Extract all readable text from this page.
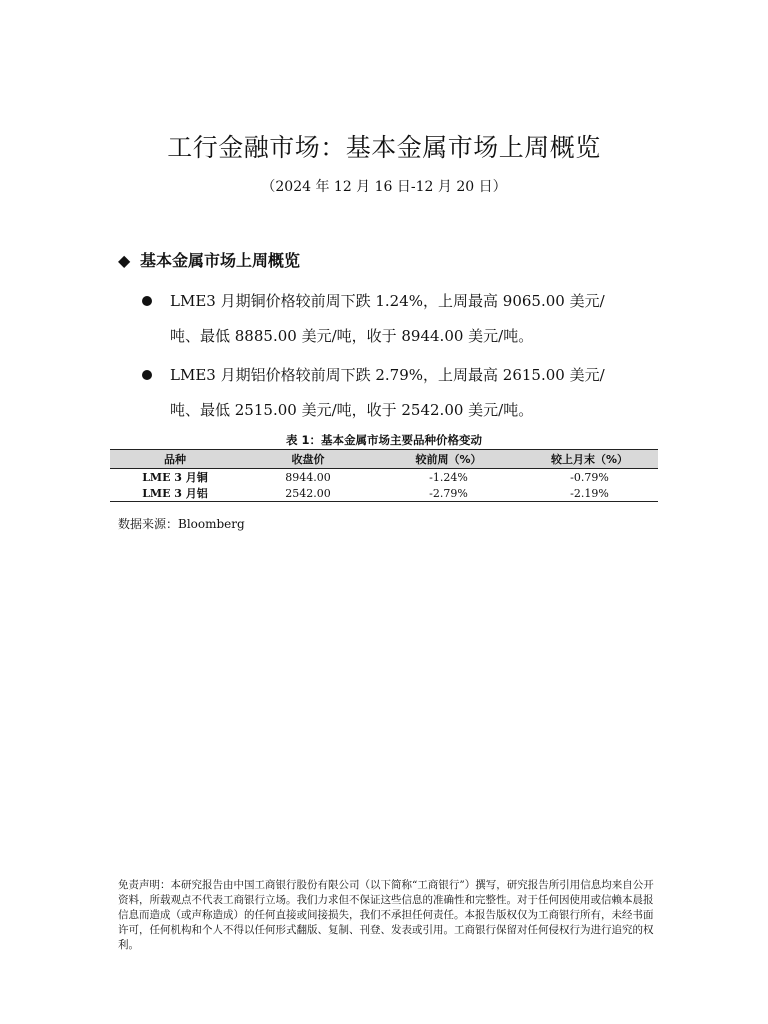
工行金融市场：基本金属市场上周概览
（2024 年 12 月 16 日-12 月 20 日）
◆ 基本金属市场上周概览
LME3 月期铜价格较前周下跌 1.24%，上周最高 9065.00 美元/
吨、最低 8885.00 美元/吨，收于 8944.00 美元/吨。
LME3 月期铝价格较前周下跌 2.79%，上周最高 2615.00 美元/
吨、最低 2515.00 美元/吨，收于 2542.00 美元/吨。
表 1：基本金属市场主要品种价格变动
品种	收盘价	较前周（%）	较上月末（%）
LME 3 月铜	8944.00	-1.24%	-0.79%
LME 3 月铝	2542.00	-2.79%	-2.19%
数据来源：Bloomberg
免责声明：本研究报告由中国工商银行股份有限公司（以下简称“工商银行”）撰写，研究报告所引用信息均来自公开资料，所载观点不代表工商银行立场。我们力求但不保证这些信息的准确性和完整性。对于任何因使用或信赖本晨报信息而造成（或声称造成）的任何直接或间接损失，我们不承担任何责任。本报告版权仅为工商银行所有，未经书面许可，任何机构和个人不得以任何形式翻版、复制、刊登、发表或引用。工商银行保留对任何侵权行为进行追究的权利。
